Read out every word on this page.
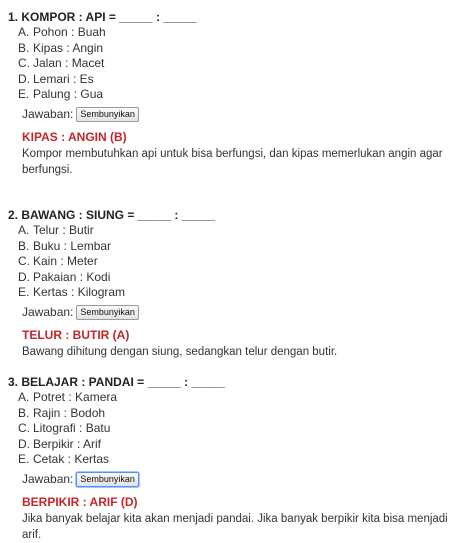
1. KOMPOR : API = _____ : _____
A. Pohon : Buah
B. Kipas : Angin
C. Jalan : Macet
D. Lemari : Es
E. Palung : Gua
Jawaban: Sembunyikan
KIPAS : ANGIN (B)
Kompor membutuhkan api untuk bisa berfungsi, dan kipas memerlukan angin agar berfungsi.
2. BAWANG : SIUNG = _____ : _____
A. Telur : Butir
B. Buku : Lembar
C. Kain : Meter
D. Pakaian : Kodi
E. Kertas : Kilogram
Jawaban: Sembunyikan
TELUR : BUTIR (A)
Bawang dihitung dengan siung, sedangkan telur dengan butir.
3. BELAJAR : PANDAI = _____ : _____
A. Potret : Kamera
B. Rajin : Bodoh
C. Litografi : Batu
D. Berpikir : Arif
E. Cetak : Kertas
Jawaban: Sembunyikan
BERPIKIR : ARIF (D)
Jika banyak belajar kita akan menjadi pandai. Jika banyak berpikir kita bisa menjadi arif.
